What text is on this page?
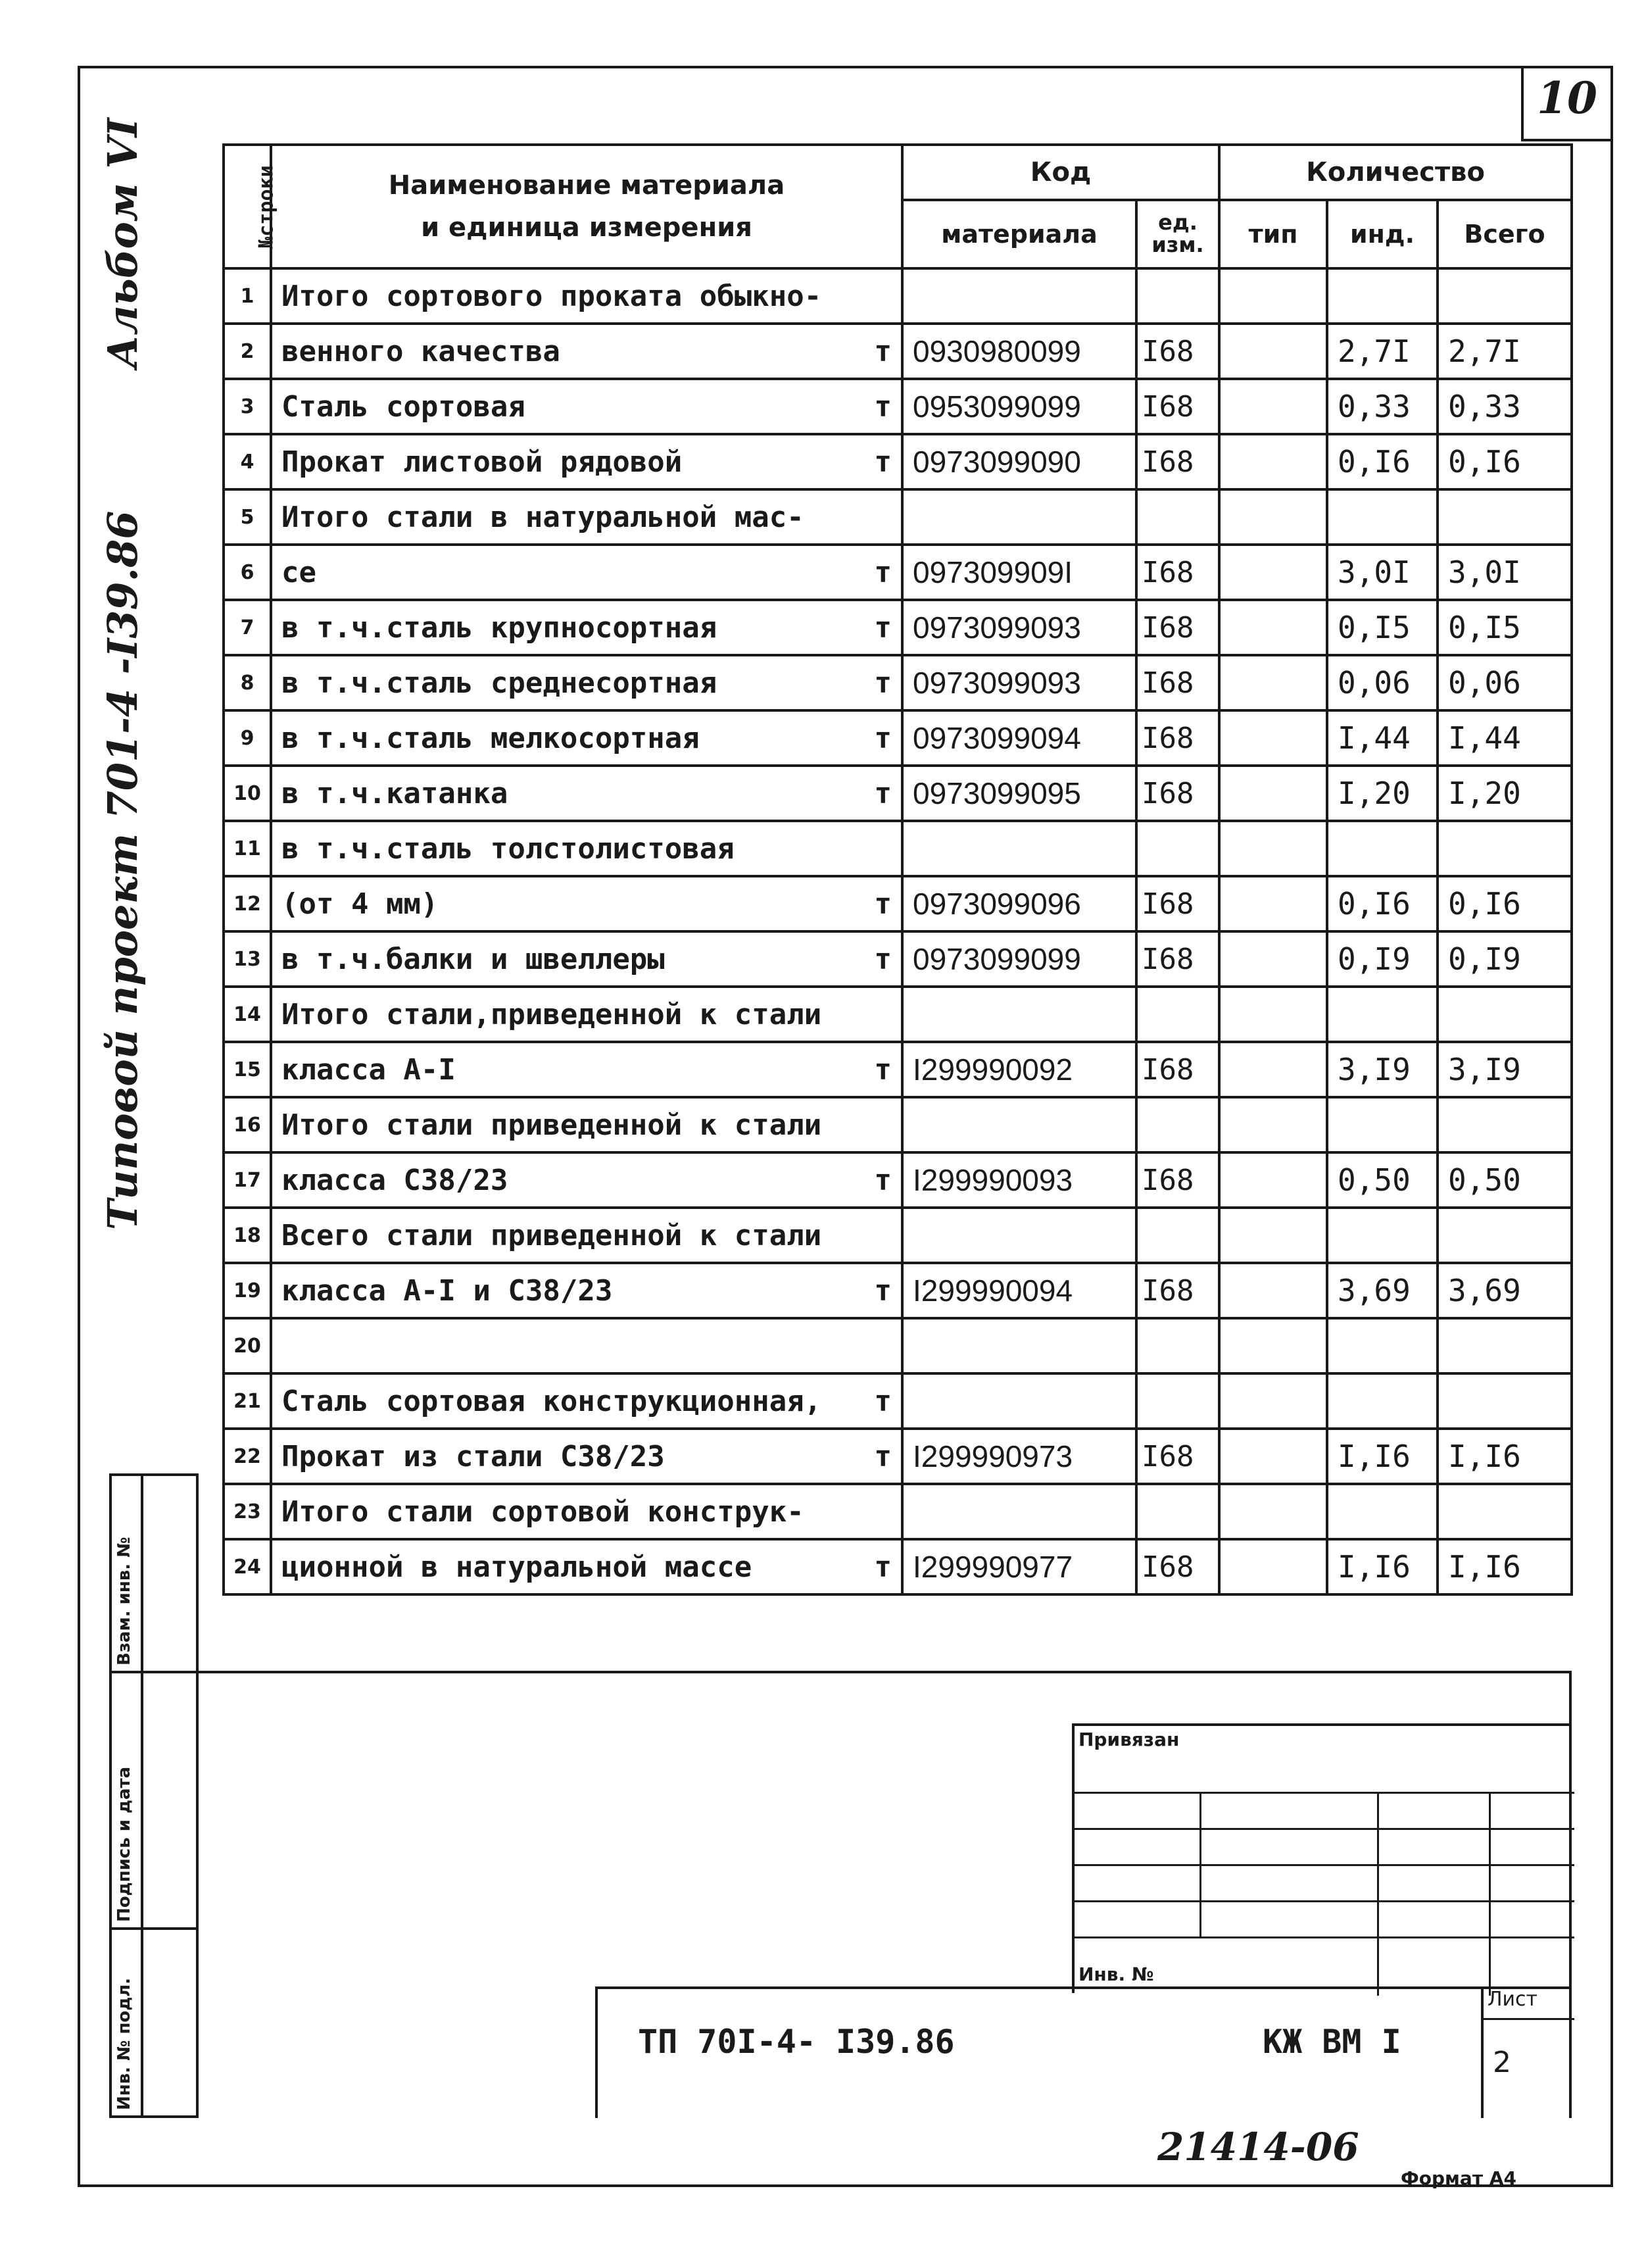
10
Альбом VI
Типовой проект 701-4 -I39.86
№строки	Наименование материала
и единица измерения	Код		Количество		
		материала	ед. изм.	тип	инд.	Всего
1	Итого сортового проката обыкно-					

2	венного качества т	0930980099	I68		2,7I	2,7I
3	Сталь сортовая т	0953099099	I68		0,33	0,33
4	Прокат листовой рядовой т	0973099090	I68		0,I6	0,I6
5	Итого стали в натуральной мас-					

6	се т	097309909I	I68		3,0I	3,0I
7	в т.ч.сталь крупносортная т	0973099093	I68		0,I5	0,I5
8	в т.ч.сталь среднесортная т	0973099093	I68		0,06	0,06
9	в т.ч.сталь мелкосортная т	0973099094	I68		I,44	I,44
10	в т.ч.катанка т	0973099095	I68		I,20	I,20
11	в т.ч.сталь толстолистовая					

12	(от 4 мм) т	0973099096	I68		0,I6	0,I6
13	в т.ч.балки и швеллеры т	0973099099	I68		0,I9	0,I9
14	Итого стали,приведенной к стали					

15	класса А-I т	I299990092	I68		3,I9	3,I9
16	Итого стали приведенной к стали					

17	класса С38/23 т	I299990093	I68		0,50	0,50
18	Всего стали приведенной к стали					

19	класса А-I и С38/23 т	I299990094	I68		3,69	3,69
20	

21	Сталь сортовая конструкционная, т					

22	Прокат из стали С38/23 т	I299990973	I68		I,I6	I,I6
23	Итого стали сортовой конструк-					

24	ционной в натуральной массе т	I299990977	I68		I,I6	I,I6
Взам. инв. №
Подпись и дата
Инв. № подл.
Привязан
Инв. №
ТП 70I-4- I39.86	КЖ ВМ I
Лист
2
21414-06
Формат А4
